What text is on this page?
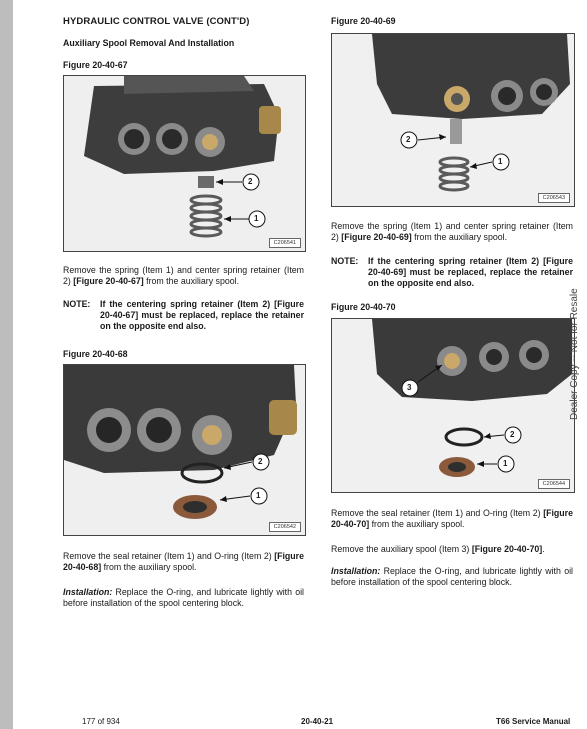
HYDRAULIC CONTROL VALVE (CONT'D)
Auxiliary Spool Removal And Installation
Figure 20-40-67
2
1
C206541
Remove the spring (Item 1) and center spring retainer (Item 2) [Figure 20-40-67] from the auxiliary spool.
NOTE: If the centering spring retainer (Item 2) [Figure 20-40-67] must be replaced, replace the retainer on the opposite end also.
Figure 20-40-68
2
1
C206542
Remove the seal retainer (Item 1) and O-ring (Item 2) [Figure 20-40-68] from the auxiliary spool.
Installation: Replace the O-ring, and lubricate lightly with oil before installation of the spool centering block.
Figure 20-40-69
2
1
C206543
Remove the spring (Item 1) and center spring retainer (Item 2) [Figure 20-40-69] from the auxiliary spool.
NOTE: If the centering spring retainer (Item 2) [Figure 20-40-69] must be replaced, replace the retainer on the opposite end also.
Figure 20-40-70
3
2
1
C206544
Remove the seal retainer (Item 1) and O-ring (Item 2) [Figure 20-40-70] from the auxiliary spool.
Remove the auxiliary spool (Item 3) [Figure 20-40-70].
Installation: Replace the O-ring, and lubricate lightly with oil before installation of the spool centering block.
Dealer Copy -- Not for Resale
177 of 934	20-40-21	T66 Service Manual
